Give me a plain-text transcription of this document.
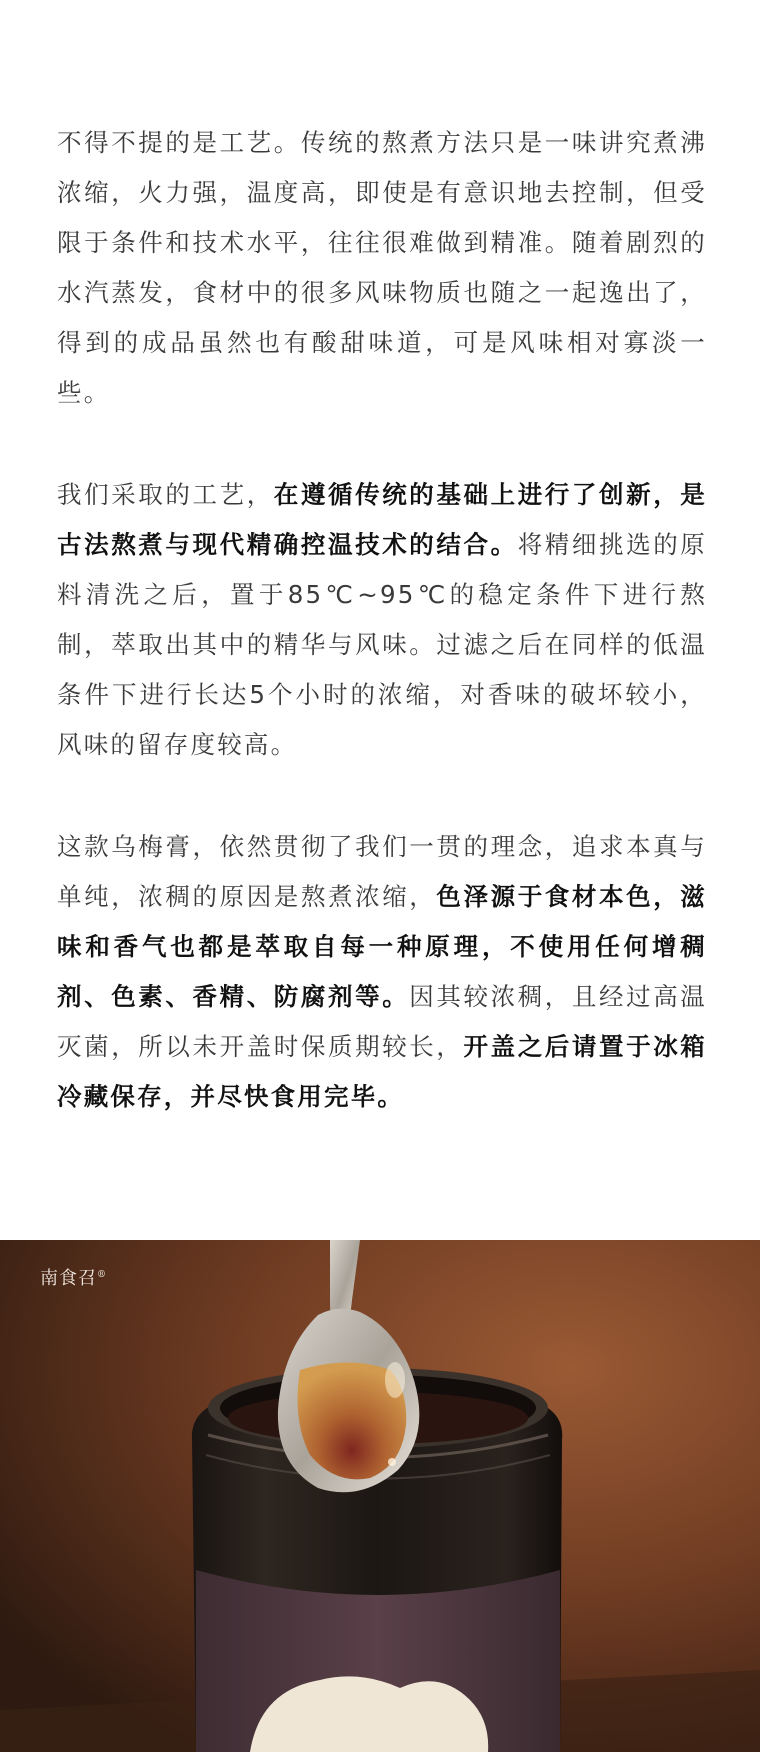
不得不提的是工艺。传统的熬煮方法只是一味讲究煮沸浓缩，火力强，温度高，即使是有意识地去控制，但受限于条件和技术水平，往往很难做到精准。随着剧烈的水汽蒸发，食材中的很多风味物质也随之一起逸出了，得到的成品虽然也有酸甜味道，可是风味相对寡淡一些。

我们采取的工艺，在遵循传统的基础上进行了创新，是古法熬煮与现代精确控温技术的结合。将精细挑选的原料清洗之后，置于85℃~95℃的稳定条件下进行熬制，萃取出其中的精华与风味。过滤之后在同样的低温条件下进行长达5个小时的浓缩，对香味的破坏较小，风味的留存度较高。

这款乌梅膏，依然贯彻了我们一贯的理念，追求本真与单纯，浓稠的原因是熬煮浓缩，色泽源于食材本色，滋味和香气也都是萃取自每一种原理，不使用任何增稠剂、色素、香精、防腐剂等。因其较浓稠，且经过高温灭菌，所以未开盖时保质期较长，开盖之后请置于冰箱冷藏保存，并尽快食用完毕。

南食召®
